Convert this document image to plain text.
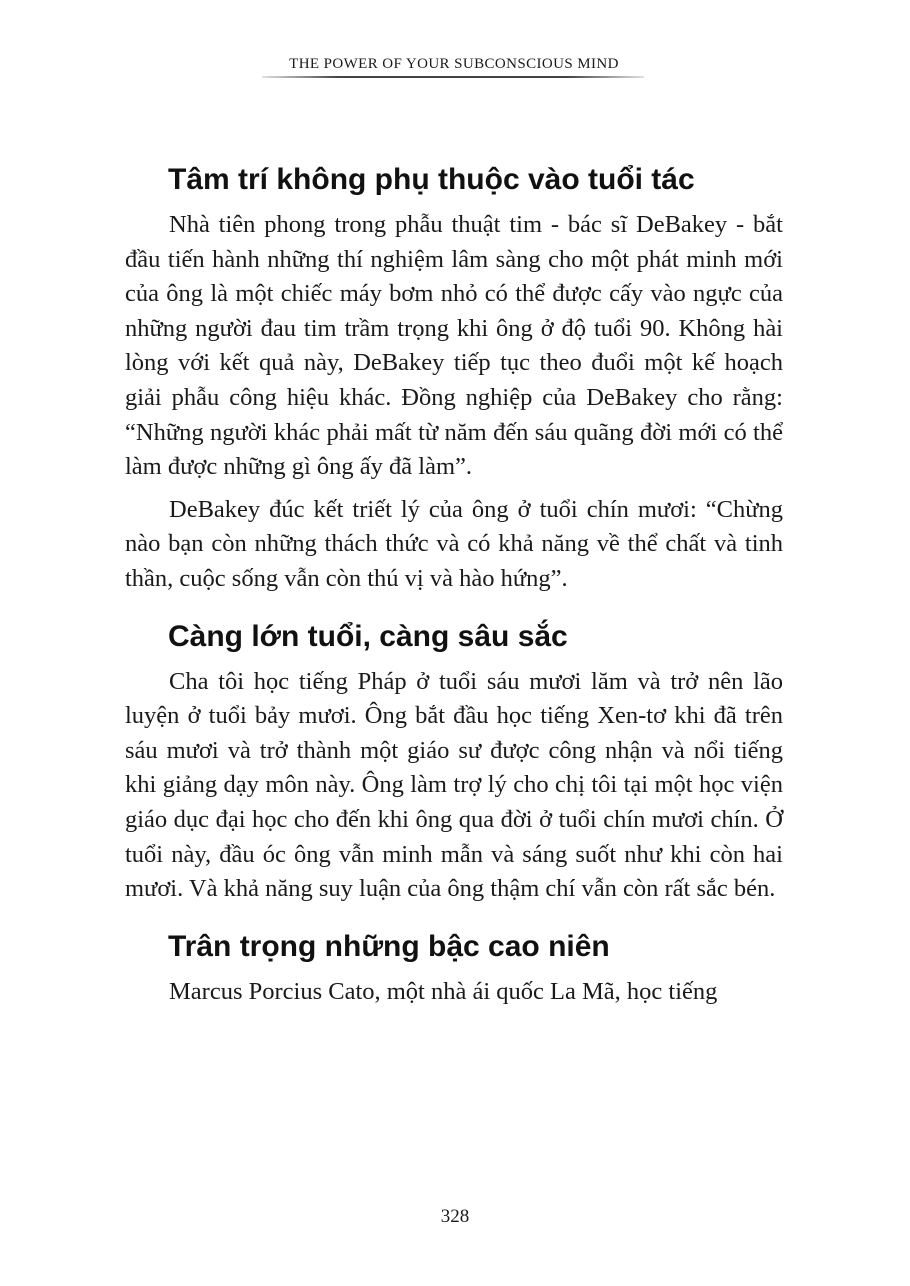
THE POWER OF YOUR SUBCONSCIOUS MIND
Tâm trí không phụ thuộc vào tuổi tác

Nhà tiên phong trong phẫu thuật tim - bác sĩ DeBakey - bắt đầu tiến hành những thí nghiệm lâm sàng cho một phát minh mới của ông là một chiếc máy bơm nhỏ có thể được cấy vào ngực của những người đau tim trầm trọng khi ông ở độ tuổi 90. Không hài lòng với kết quả này, DeBakey tiếp tục theo đuổi một kế hoạch giải phẫu công hiệu khác. Đồng nghiệp của DeBakey cho rằng: “Những người khác phải mất từ năm đến sáu quãng đời mới có thể làm được những gì ông ấy đã làm”.

DeBakey đúc kết triết lý của ông ở tuổi chín mươi: “Chừng nào bạn còn những thách thức và có khả năng về thể chất và tinh thần, cuộc sống vẫn còn thú vị và hào hứng”.

Càng lớn tuổi, càng sâu sắc

Cha tôi học tiếng Pháp ở tuổi sáu mươi lăm và trở nên lão luyện ở tuổi bảy mươi. Ông bắt đầu học tiếng Xen-tơ khi đã trên sáu mươi và trở thành một giáo sư được công nhận và nổi tiếng khi giảng dạy môn này. Ông làm trợ lý cho chị tôi tại một học viện giáo dục đại học cho đến khi ông qua đời ở tuổi chín mươi chín. Ở tuổi này, đầu óc ông vẫn minh mẫn và sáng suốt như khi còn hai mươi. Và khả năng suy luận của ông thậm chí vẫn còn rất sắc bén.

Trân trọng những bậc cao niên

Marcus Porcius Cato, một nhà ái quốc La Mã, học tiếng

328
